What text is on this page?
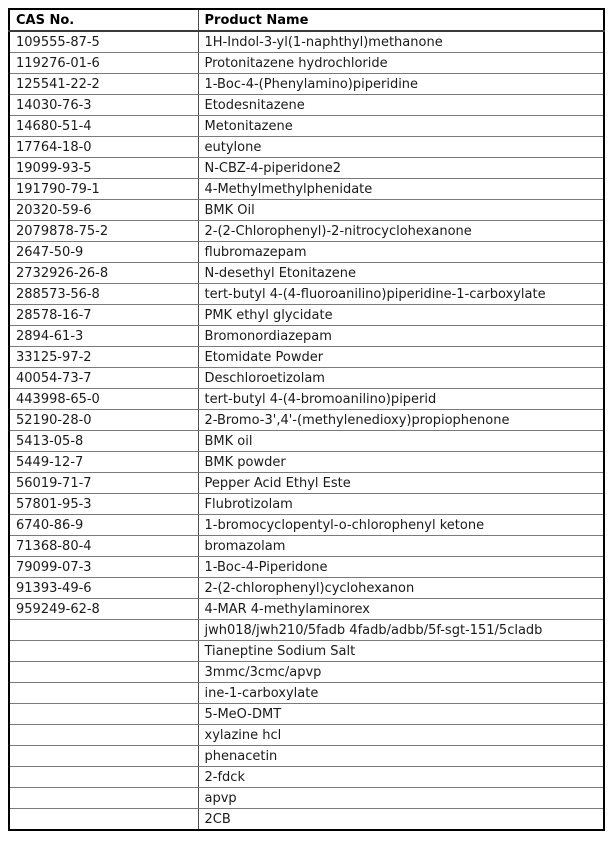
CAS No.	Product Name
109555-87-5	1H-Indol-3-yl(1-naphthyl)methanone
119276-01-6	Protonitazene hydrochloride
125541-22-2	1-Boc-4-(Phenylamino)piperidine
14030-76-3	Etodesnitazene
14680-51-4	Metonitazene
17764-18-0	eutylone
19099-93-5	N-CBZ-4-piperidone2
191790-79-1	4-Methylmethylphenidate
20320-59-6	BMK Oil
2079878-75-2	2-(2-Chlorophenyl)-2-nitrocyclohexanone
2647-50-9	flubromazepam
2732926-26-8	N-desethyl Etonitazene
288573-56-8	tert-butyl 4-(4-fluoroanilino)piperidine-1-carboxylate
28578-16-7	PMK ethyl glycidate
2894-61-3	Bromonordiazepam
33125-97-2	Etomidate Powder
40054-73-7	Deschloroetizolam
443998-65-0	tert-butyl 4-(4-bromoanilino)piperid
52190-28-0	2-Bromo-3',4'-(methylenedioxy)propiophenone
5413-05-8	BMK oil
5449-12-7	BMK powder
56019-71-7	Pepper Acid Ethyl Este
57801-95-3	Flubrotizolam
6740-86-9	1-bromocyclopentyl-o-chlorophenyl ketone
71368-80-4	bromazolam
79099-07-3	1-Boc-4-Piperidone
91393-49-6	2-(2-chlorophenyl)cyclohexanon
959249-62-8	4-MAR 4-methylaminorex
	jwh018/jwh210/5fadb 4fadb/adbb/5f-sgt-151/5cladb
	Tianeptine Sodium Salt
	3mmc/3cmc/apvp
	ine-1-carboxylate
	5-MeO-DMT
	xylazine hcl
	phenacetin
	2-fdck
	apvp
	2CB
